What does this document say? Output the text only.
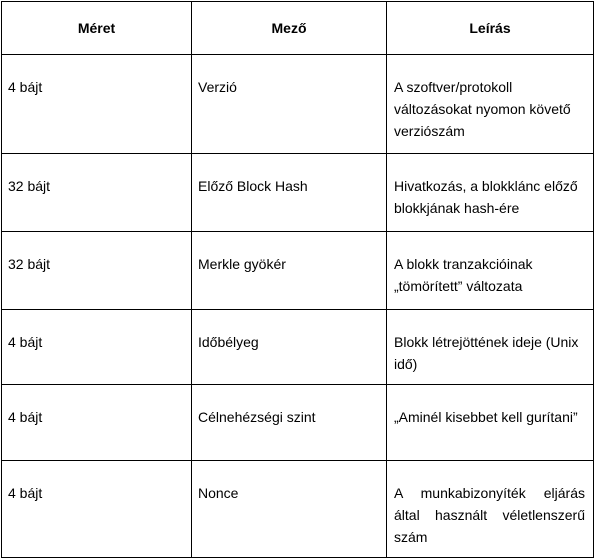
Méret	Mező	Leírás
4 bájt	Verzió	A szoftver/protokoll változásokat nyomon követő verziószám
32 bájt	Előző Block Hash	Hivatkozás, a blokklánc előző blokkjának hash-ére
32 bájt	Merkle gyökér	A blokk tranzakcióinak „tömörített” változata
4 bájt	Időbélyeg	Blokk létrejöttének ideje (Unix idő)
4 bájt	Célnehézségi szint	„Aminél kisebbet kell gurítani”
4 bájt	Nonce	A munkabizonyíték eljárás által használt véletlenszerű szám
